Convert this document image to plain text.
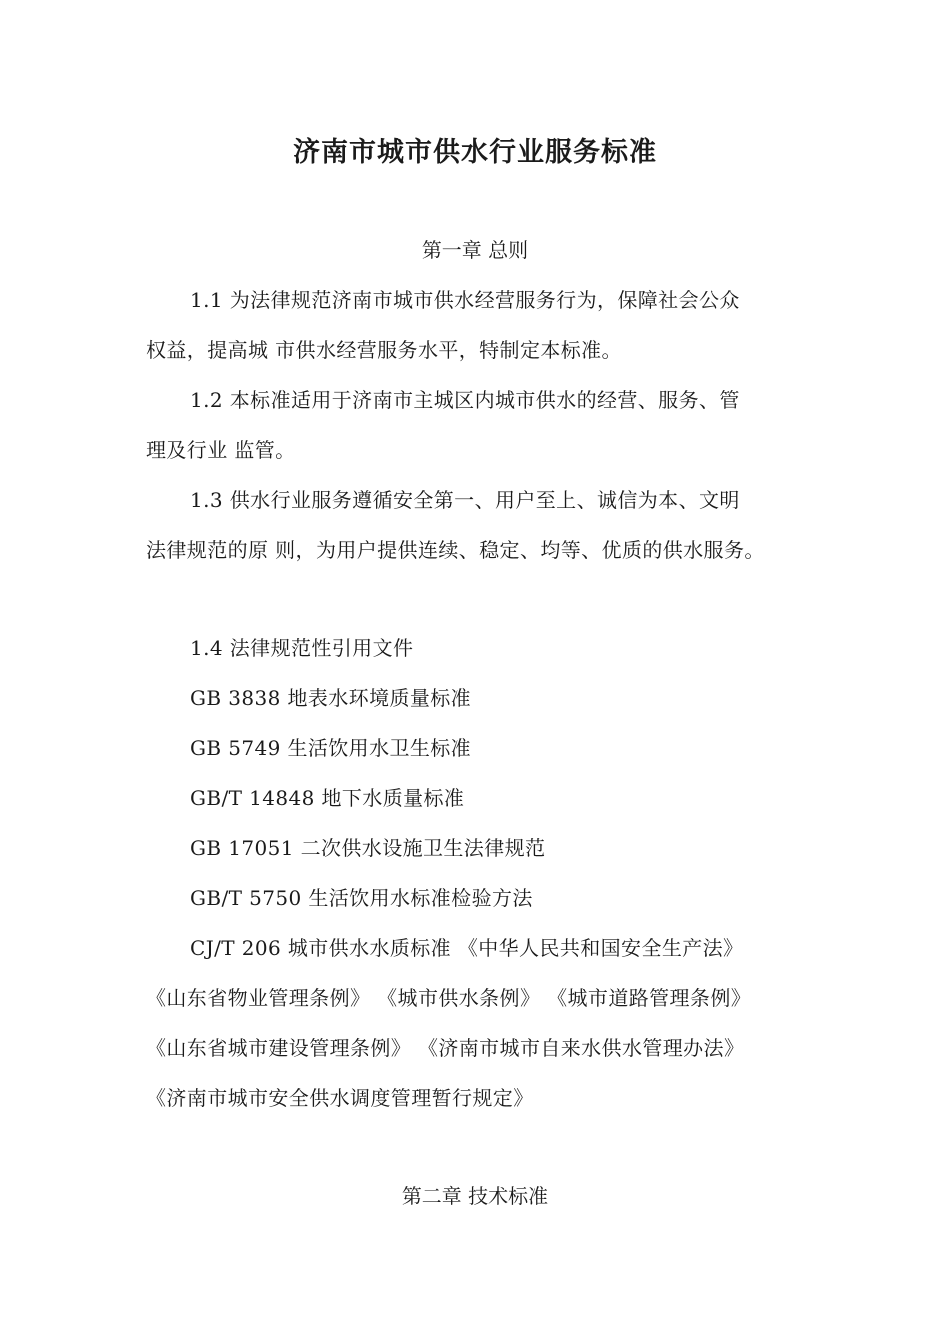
济南市城市供水行业服务标准
第一章 总则
1.1 为法律规范济南市城市供水经营服务行为，保障社会公众
权益，提高城 市供水经营服务水平，特制定本标准。
1.2 本标准适用于济南市主城区内城市供水的经营、服务、管
理及行业 监管。
1.3 供水行业服务遵循安全第一、用户至上、诚信为本、文明
法律规范的原 则，为用户提供连续、稳定、均等、优质的供水服务。
1.4 法律规范性引用文件
GB 3838 地表水环境质量标准
GB 5749 生活饮用水卫生标准
GB/T 14848 地下水质量标准
GB 17051 二次供水设施卫生法律规范
GB/T 5750 生活饮用水标准检验方法
CJ/T 206 城市供水水质标准 《中华人民共和国安全生产法》
《山东省物业管理条例》 《城市供水条例》 《城市道路管理条例》
《山东省城市建设管理条例》 《济南市城市自来水供水管理办法》
《济南市城市安全供水调度管理暂行规定》
第二章 技术标准
